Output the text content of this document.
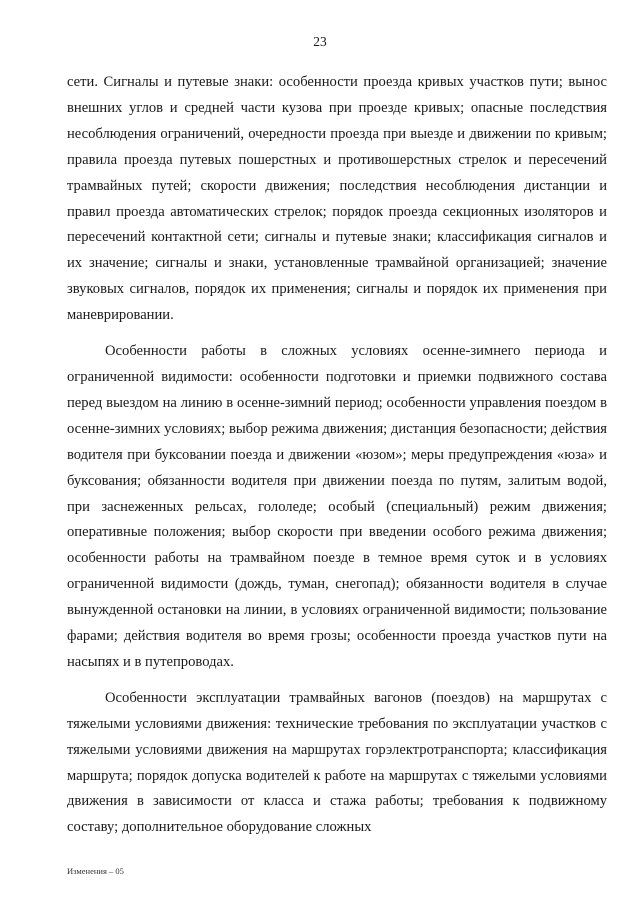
23

сети. Сигналы и путевые знаки: особенности проезда кривых участков пути; вынос внешних углов и средней части кузова при проезде кривых; опасные последствия несоблюдения ограничений, очередности проезда при выезде и движении по кривым; правила проезда путевых пошерстных и противошерстных стрелок и пересечений трамвайных путей; скорости движения; последствия несоблюдения дистанции и правил проезда автоматических стрелок; порядок проезда секционных изоляторов и пересечений контактной сети; сигналы и путевые знаки; классификация сигналов и их значение; сигналы и знаки, установленные трамвайной организацией; значение звуковых сигналов, порядок их применения; сигналы и порядок их применения при маневрировании.

Особенности работы в сложных условиях осенне-зимнего периода и ограниченной видимости: особенности подготовки и приемки подвижного состава перед выездом на линию в осенне-зимний период; особенности управления поездом в осенне-зимних условиях; выбор режима движения; дистанция безопасности; действия водителя при буксовании поезда и движении «юзом»; меры предупреждения «юза» и буксования; обязанности водителя при движении поезда по путям, залитым водой, при заснеженных рельсах, гололеде; особый (специальный) режим движения; оперативные положения; выбор скорости при введении особого режима движения; особенности работы на трамвайном поезде в темное время суток и в условиях ограниченной видимости (дождь, туман, снегопад); обязанности водителя в случае вынужденной остановки на линии, в условиях ограниченной видимости; пользование фарами; действия водителя во время грозы; особенности проезда участков пути на насыпях и в путепроводах.

Особенности эксплуатации трамвайных вагонов (поездов) на маршрутах с тяжелыми условиями движения: технические требования по эксплуатации участков с тяжелыми условиями движения на маршрутах горэлектротранспорта; классификация маршрута; порядок допуска водителей к работе на маршрутах с тяжелыми условиями движения в зависимости от класса и стажа работы; требования к подвижному составу; дополнительное оборудование сложных

Изменения – 05
